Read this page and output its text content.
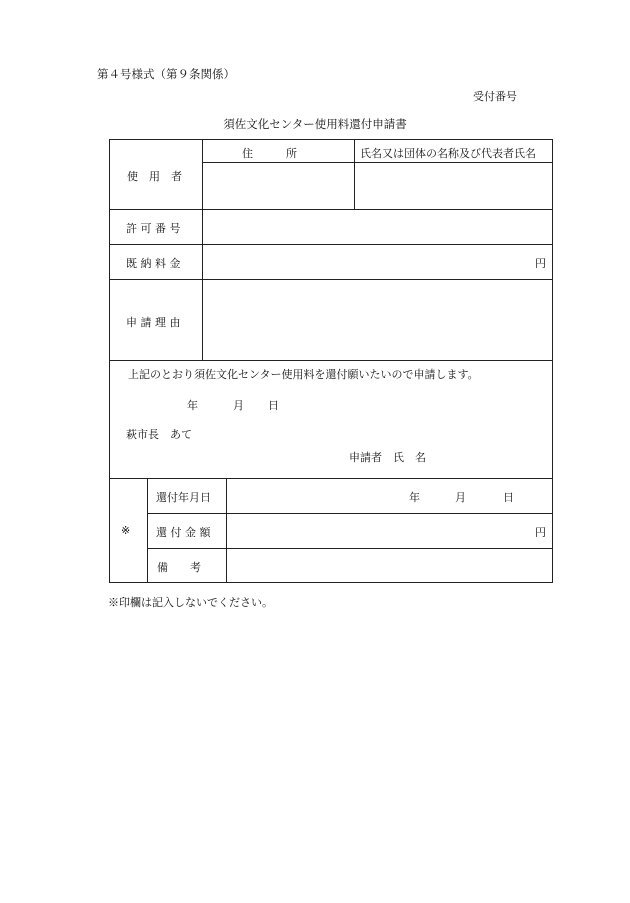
第４号様式（第９条関係）
受付番号
須佐文化センター使用料還付申請書
使　用　者
住　　　所	氏名又は団体の名称及び代表者氏名
許 可 番 号
既 納 料 金	円
申 請 理 由
上記のとおり須佐文化センター使用料を還付願いたいので申請します。
年	月 日
萩市長　あて
申請者　氏　名
※
還付年月日	年	月	日
還 付 金 額	円
備　　考
※印欄は記入しないでください。
